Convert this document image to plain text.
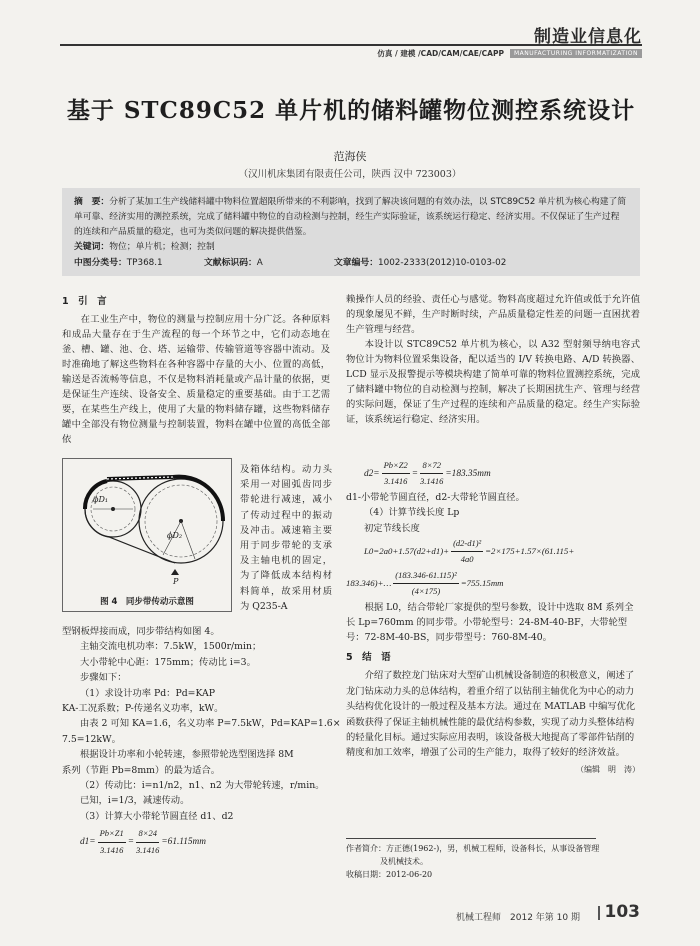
制造业信息化
仿真 / 建模 /CAD/CAM/CAE/CAPP	MANUFACTURING INFORMATIZATION
基于 STC89C52 单片机的储料罐物位测控系统设计
范海侠
（汉川机床集团有限责任公司，陕西 汉中 723003）
摘　要：分析了某加工生产线储料罐中物料位置超限所带来的不利影响，找到了解决该问题的有效办法，以 STC89C52 单片机为核心构建了简单可靠、经济实用的测控系统，完成了储料罐中物位的自动检测与控制，经生产实际验证，该系统运行稳定、经济实用。不仅保证了生产过程的连续和产品质量的稳定，也可为类似问题的解决提供借鉴。
关键词：物位；单片机；检测；控制
中图分类号：TP368.1	文献标识码：A	文章编号：1002-2333(2012)10-0103-02
1　引　言

在工业生产中，物位的测量与控制应用十分广泛。各种原料和成品大量存在于生产流程的每一个环节之中，它们动态地在釜、槽、罐、池、仓、塔、运输带、传输管道等容器中流动。及时准确地了解这些物料在各种容器中存量的大小、位置的高低，输送是否流畅等信息，不仅是物料消耗量或产品计量的依据，更是保证生产连续、设备安全、质量稳定的重要基础。由于工艺需要，在某些生产线上，使用了大量的物料储存罐，这些物料储存罐中全部没有物位测量与控制装置，物料在罐中位置的高低全部依

赖操作人员的经验、责任心与感觉。物料高度超过允许值或低于允许值的现象屡见不鲜，生产时断时续，产品质量稳定性差的问题一直困扰着生产管理与经营。

本设计以 STC89C52 单片机为核心，以 A32 型射频导纳电容式物位计为物料位置采集设备，配以适当的 I/V 转换电路、A/D 转换器、LCD 显示及报警提示等模块构建了简单可靠的物料位置测控系统，完成了储料罐中物位的自动检测与控制，解决了长期困扰生产、管理与经营的实际问题，保证了生产过程的连续和产品质量的稳定。经生产实际验证，该系统运行稳定、经济实用。

ϕD₁
ϕD₂
P
图 4　同步带传动示意图
及箱体结构。动力头采用一对圆弧齿同步带轮进行减速，减小了传动过程中的振动及冲击。减速箱主要用于同步带轮的支承及主轴电机的固定，为了降低成本结构材料简单，故采用材质为 Q235-A
型钢板焊接而成，同步带结构如图 4。
主轴交流电机功率：7.5kW，1500r/min；
大小带轮中心距：175mm；传动比 i=3。
步骤如下：
（1）求设计功率 Pd：Pd=KAP
KA-工况系数；P-传递名义功率，kW。
由表 2 可知 KA=1.6，名义功率 P=7.5kW，Pd=KAP=1.6×
7.5=12kW。
根据设计功率和小轮转速，参照带轮选型图选择 8M
系列（节距 Pb=8mm）的最为适合。
（2）传动比：i=n1/n2，n1、n2 为大带轮转速，r/min。
已知，i=1/3，减速传动。
（3）计算大小带轮节圆直径 d1、d2
$d1= \frac{Pb\times Z1}{3.1416} = \frac{8\times 24}{3.1416} =61.115mm$
$d2= \frac{Pb\times Z2}{3.1416} = \frac{8\times 72}{3.1416} =183.35mm$
d1-小带轮节圆直径，d2-大带轮节圆直径。
（4）计算节线长度 Lp
初定节线长度
$L0=2a0+1.57(d2+d1)+ \frac{\text{(d2-d1)²}}{4a0} =2\times 175+1.57\times(61.115+$
183.346)+… $\frac{\text{(183.346-61.115)²}}{(4\times 175)} =755.15mm$

根据 L0，结合带轮厂家提供的型号参数，设计中选取 8M 系列全长 Lp=760mm 的同步带。小带轮型号：24-8M-40-BF，大带轮型号：72-8M-40-BS，同步带型号：760-8M-40。

5　结　语

介绍了数控龙门钻床对大型矿山机械设备制造的积极意义，阐述了龙门钻床动力头的总体结构，着重介绍了以钻削主轴优化为中心的动力头结构优化设计的一般过程及基本方法。通过在 MATLAB 中编写优化函数获得了保证主轴机械性能的最优结构参数，实现了动力头整体结构的轻量化目标。通过实际应用表明，该设备极大地提高了零部件钻削的精度和加工效率，增强了公司的生产能力，取得了较好的经济效益。

（编辑　明　涛）
作者简介：方正德(1962-)，男，机械工程师，设备科长，从事设备管理
及机械技术。
收稿日期：2012-06-20
机械工程师　2012 年第 10 期 103
